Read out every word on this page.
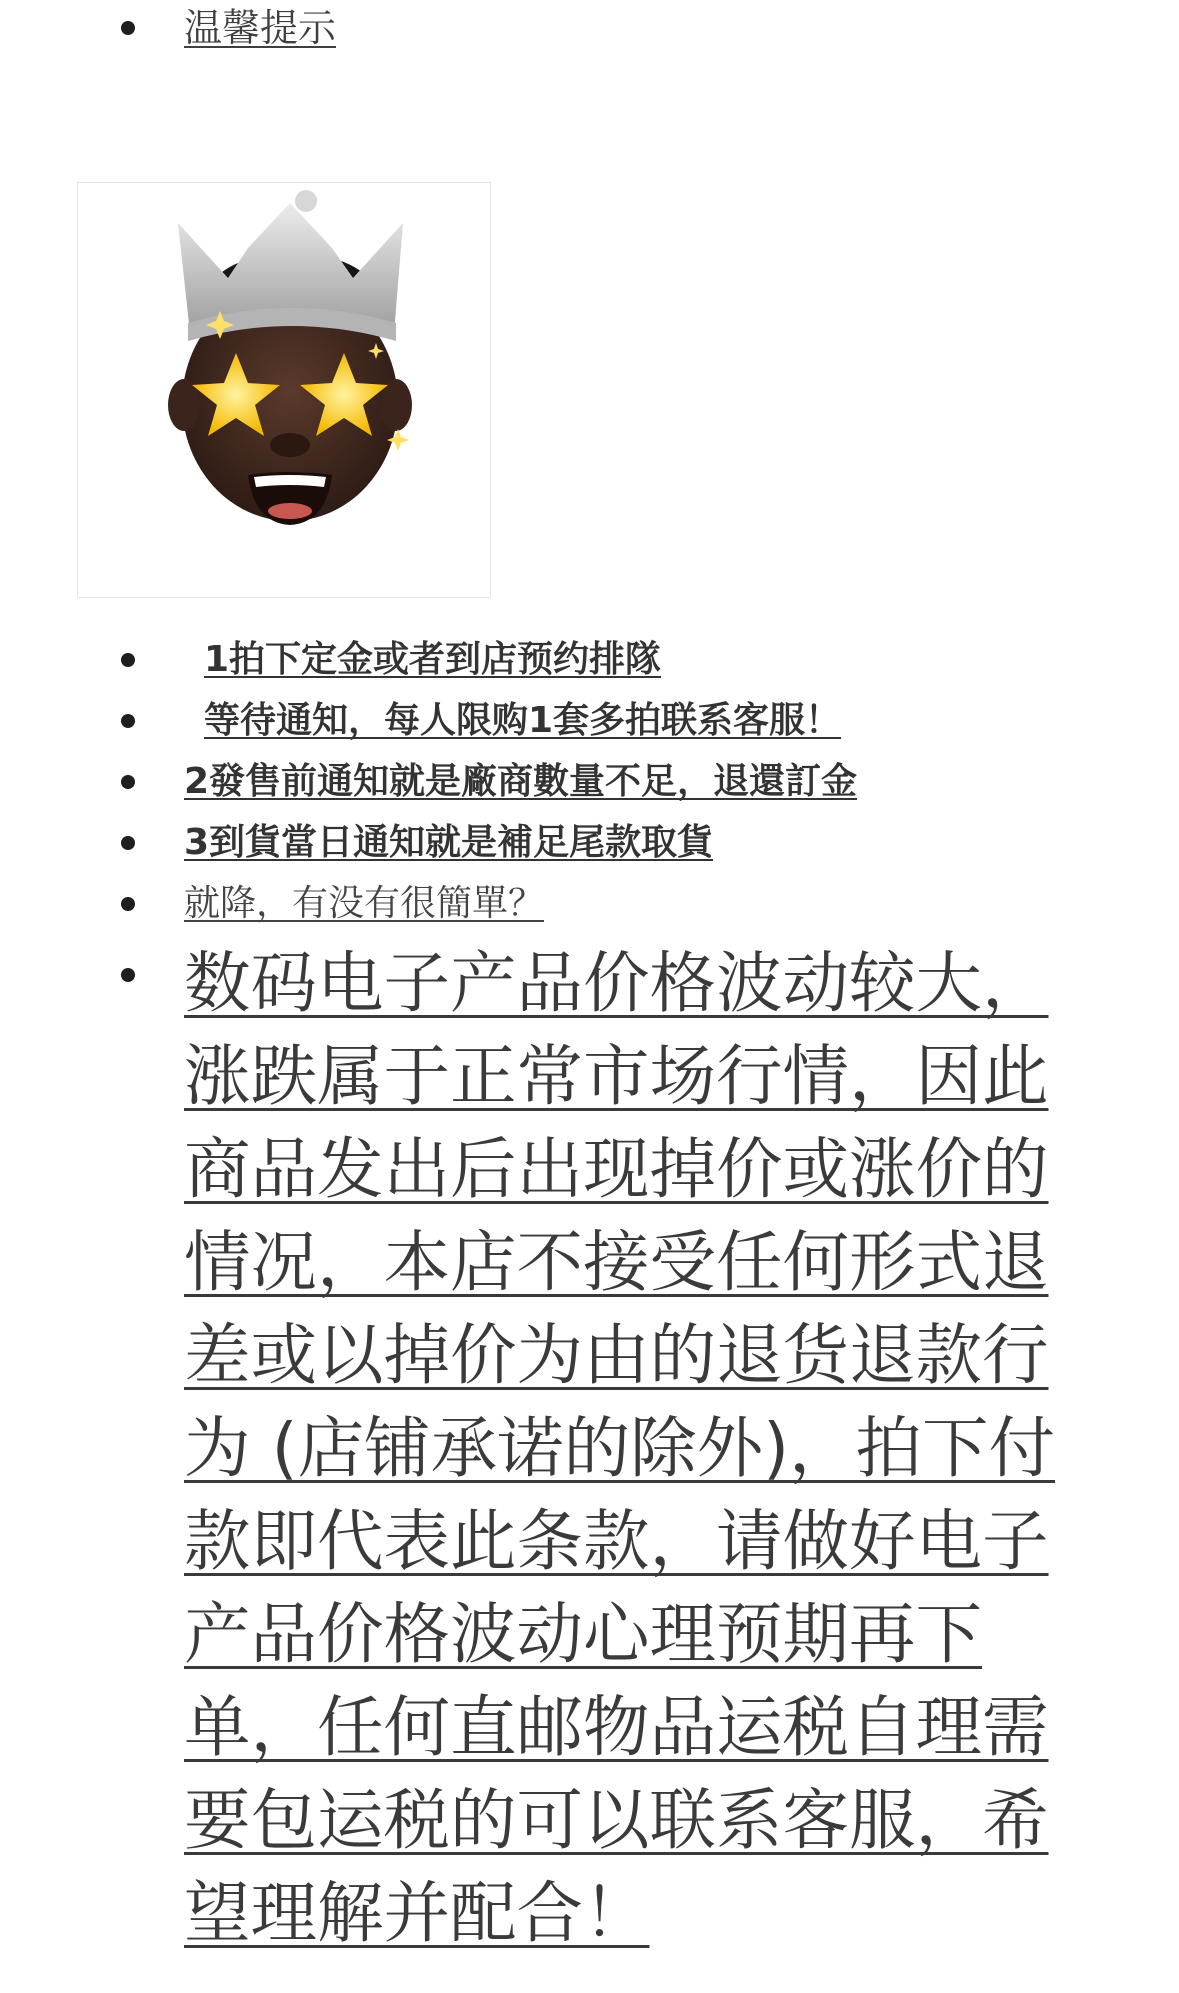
温馨提示
1拍下定金或者到店预约排隊
等待通知，每人限购1套多拍联系客服！
2發售前通知就是廠商數量不足，退還訂金
3到貨當日通知就是補足尾款取貨
就降，有没有很簡單？

数码电子产品价格波动较大，涨跌属于正常市场行情，因此商品发出后出现掉价或涨价的情况，本店不接受任何形式退差或以掉价为由的退货退款行为 (店铺承诺的除外)，拍下付款即代表此条款，请做好电子产品价格波动心理预期再下单，任何直邮物品运税自理需要包运税的可以联系客服，希望理解并配合！
